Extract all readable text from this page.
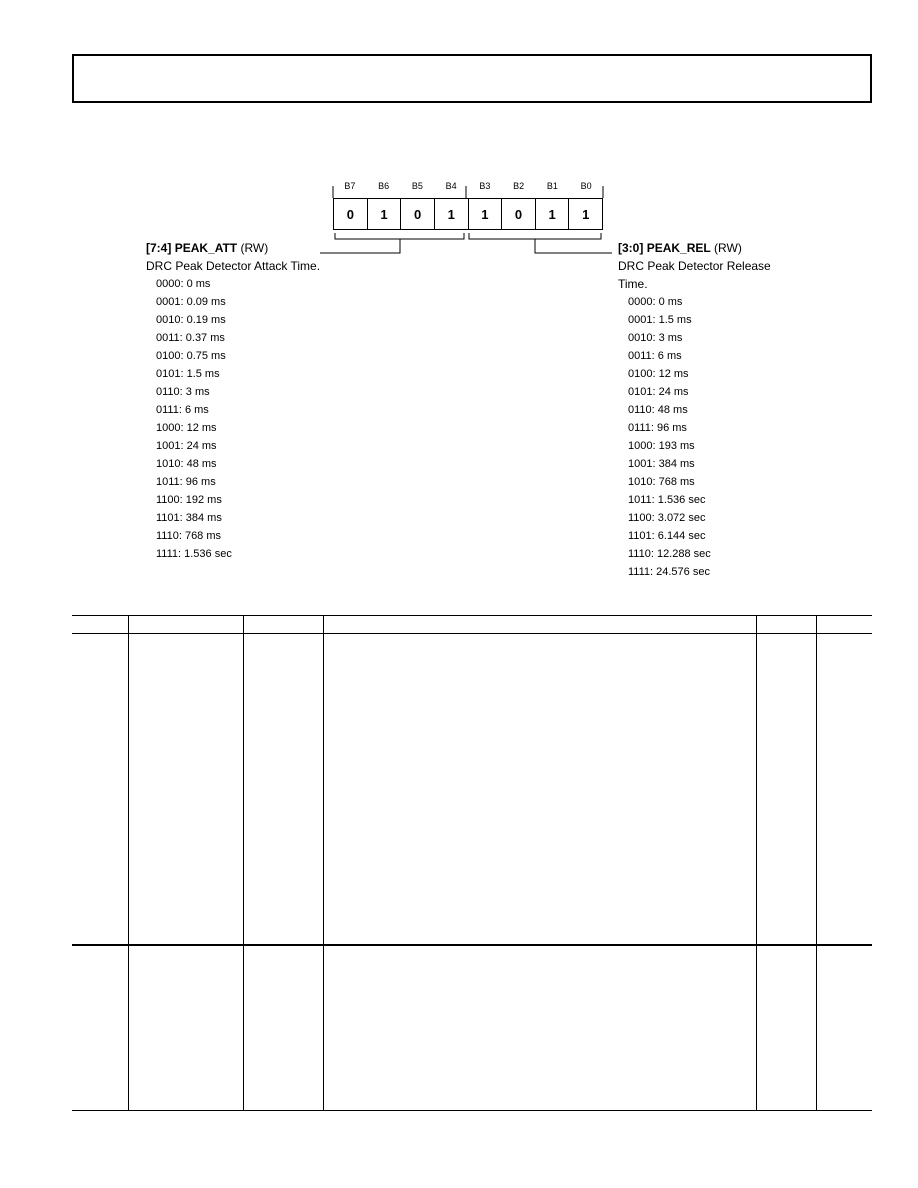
B7	B6	B5	B4	B3	B2	B1	B0
0	1	0	1	1	0	1	1
[7:4] PEAK_ATT (RW)
DRC Peak Detector Attack Time.
0000: 0 ms
0001: 0.09 ms
0010: 0.19 ms
0011: 0.37 ms
0100: 0.75 ms
0101: 1.5 ms
0110: 3 ms
0111: 6 ms
1000: 12 ms
1001: 24 ms
1010: 48 ms
1011: 96 ms
1100: 192 ms
1101: 384 ms
1110: 768 ms
1111: 1.536 sec
[3:0] PEAK_REL (RW)
DRC Peak Detector Release
Time.
0000: 0 ms
0001: 1.5 ms
0010: 3 ms
0011: 6 ms
0100: 12 ms
0101: 24 ms
0110: 48 ms
0111: 96 ms
1000: 193 ms
1001: 384 ms
1010: 768 ms
1011: 1.536 sec
1100: 3.072 sec
1101: 6.144 sec
1110: 12.288 sec
1111: 24.576 sec
